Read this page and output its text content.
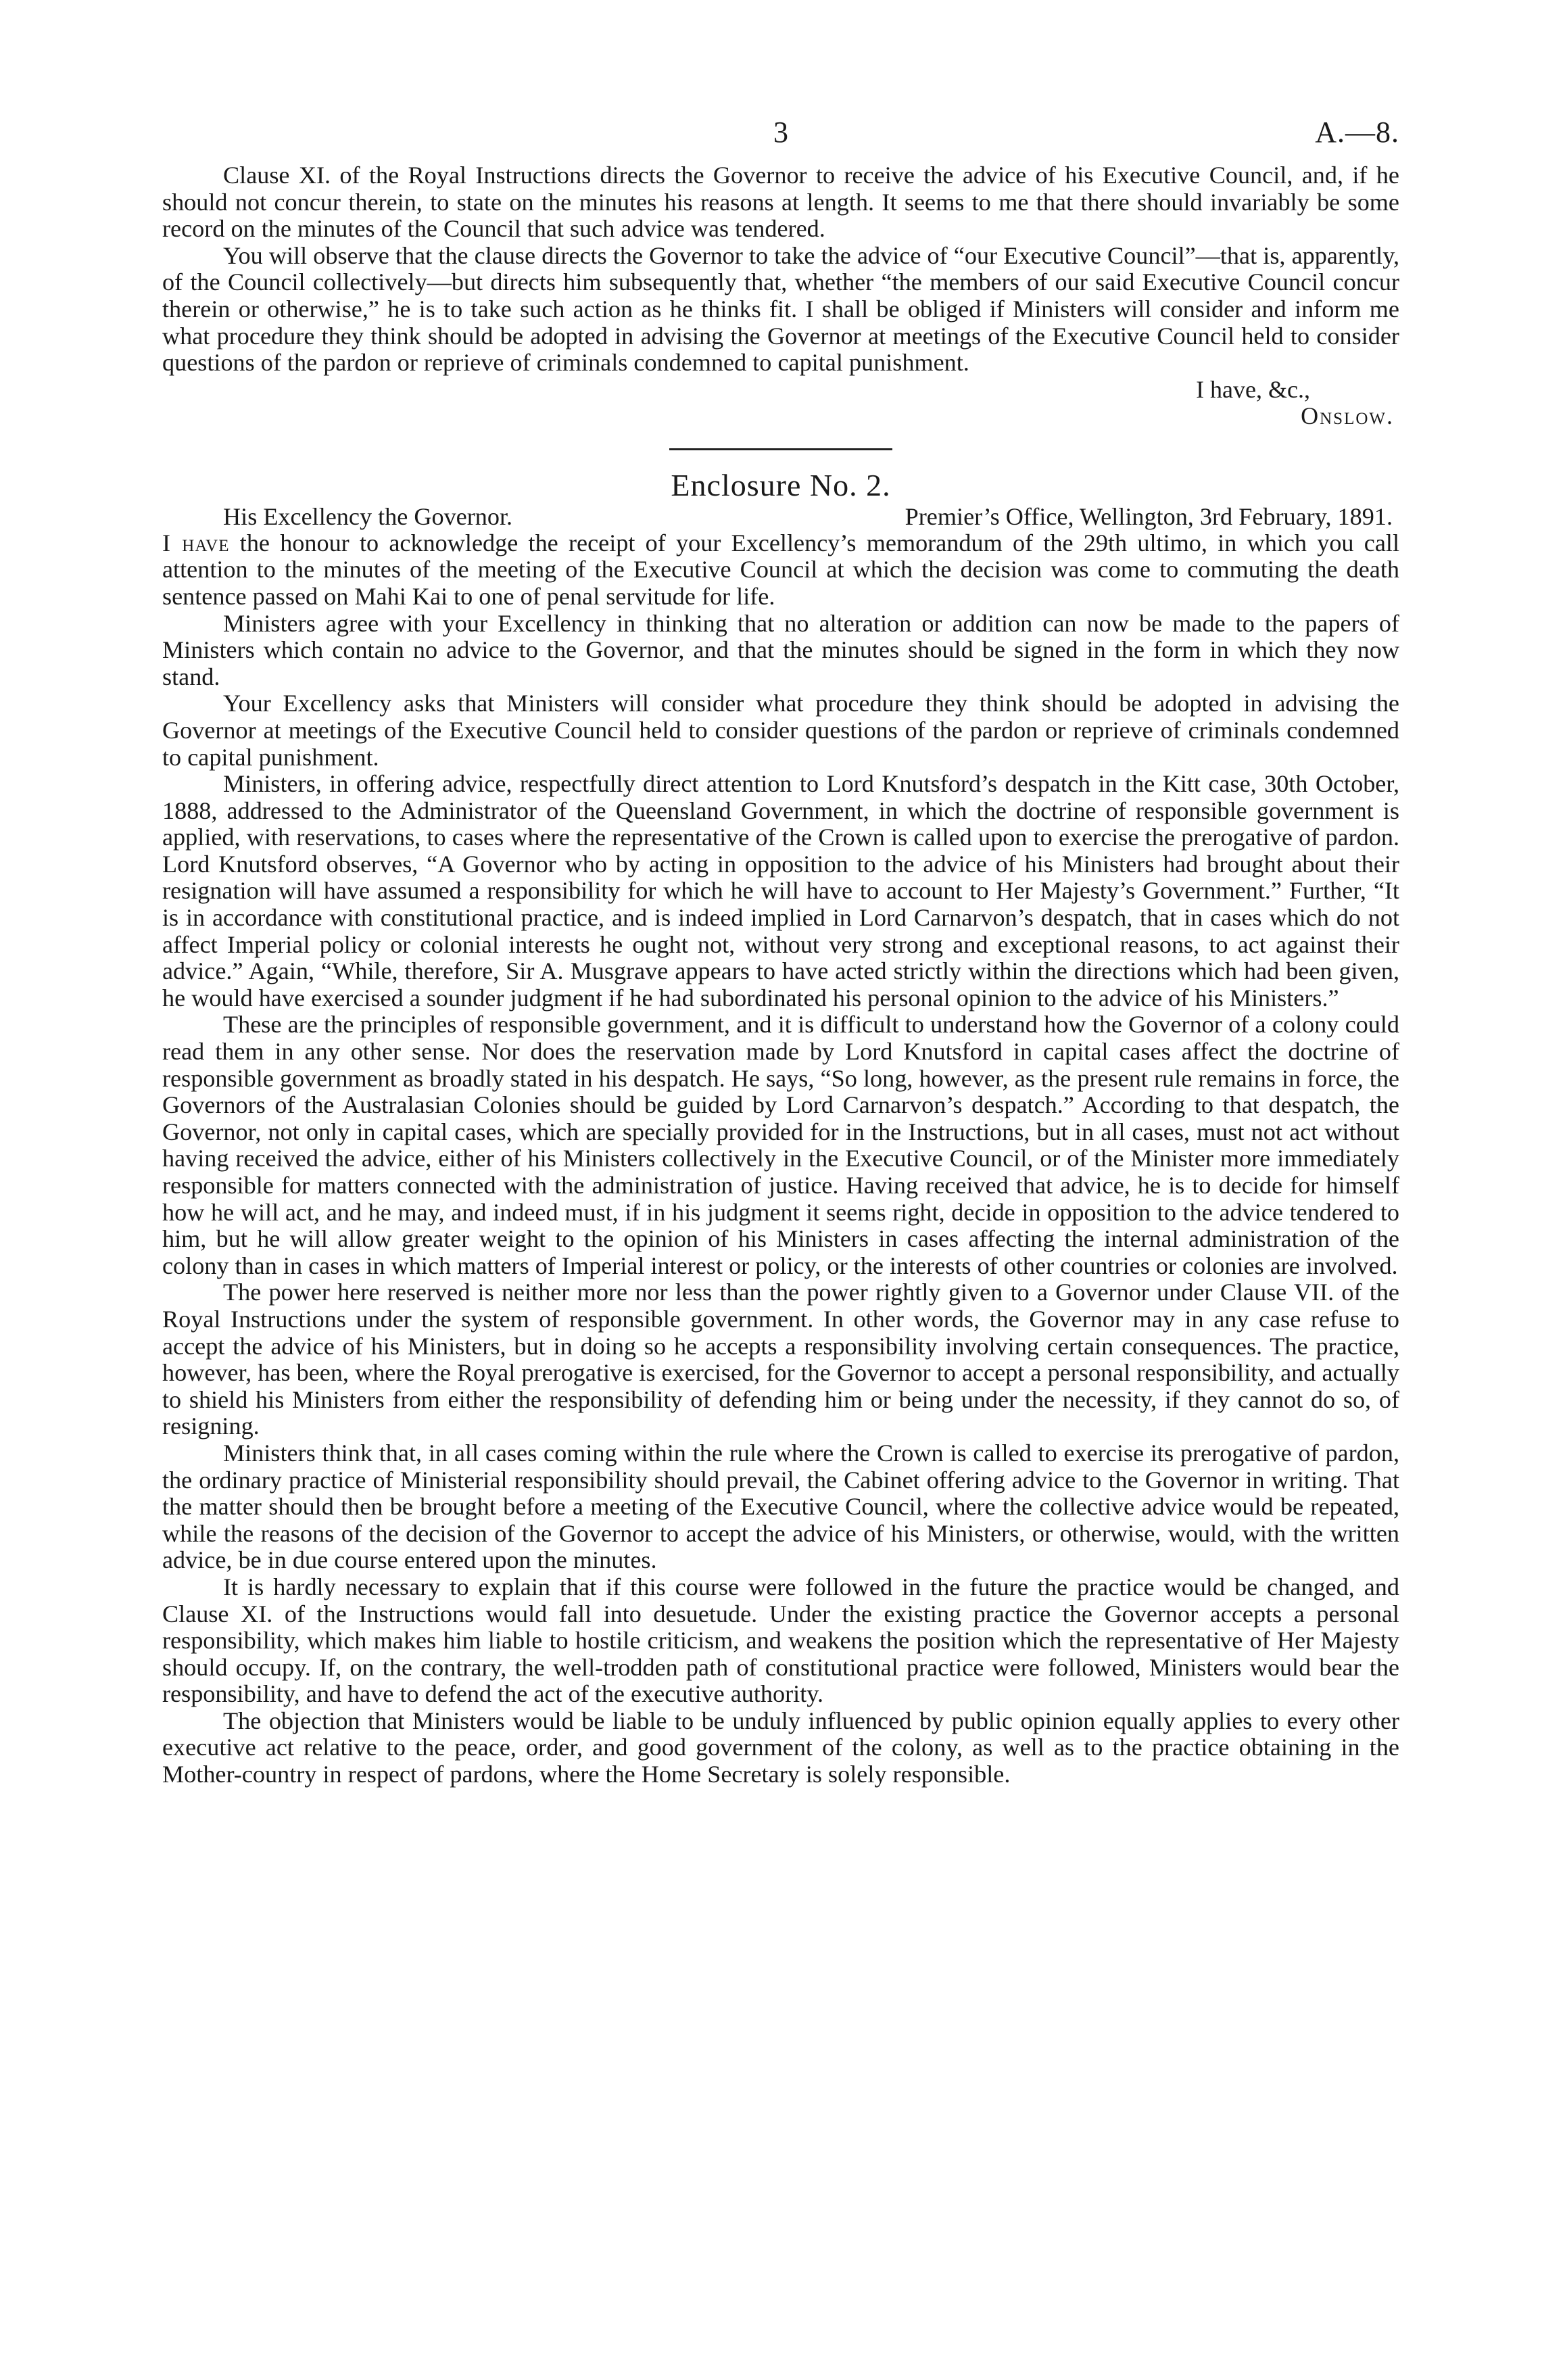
3	A.—8.

Clause XI. of the Royal Instructions directs the Governor to receive the advice of his Executive Council, and, if he should not concur therein, to state on the minutes his reasons at length. It seems to me that there should invariably be some record on the minutes of the Council that such advice was tendered.

You will observe that the clause directs the Governor to take the advice of “our Executive Council”—that is, apparently, of the Council collectively—but directs him subsequently that, whether “the members of our said Executive Council concur therein or otherwise,” he is to take such action as he thinks fit. I shall be obliged if Ministers will consider and inform me what procedure they think should be adopted in advising the Governor at meetings of the Executive Council held to consider questions of the pardon or reprieve of criminals condemned to capital punishment.

I have, &c.,
Onslow.
Enclosure No. 2.
His Excellency the Governor.	Premier’s Office, Wellington, 3rd February, 1891.

I have the honour to acknowledge the receipt of your Excellency’s memorandum of the 29th ultimo, in which you call attention to the minutes of the meeting of the Executive Council at which the decision was come to commuting the death sentence passed on Mahi Kai to one of penal servitude for life.

Ministers agree with your Excellency in thinking that no alteration or addition can now be made to the papers of Ministers which contain no advice to the Governor, and that the minutes should be signed in the form in which they now stand.

Your Excellency asks that Ministers will consider what procedure they think should be adopted in advising the Governor at meetings of the Executive Council held to consider questions of the pardon or reprieve of criminals condemned to capital punishment.

Ministers, in offering advice, respectfully direct attention to Lord Knutsford’s despatch in the Kitt case, 30th October, 1888, addressed to the Administrator of the Queensland Government, in which the doctrine of responsible government is applied, with reservations, to cases where the representative of the Crown is called upon to exercise the prerogative of pardon. Lord Knutsford observes, “A Governor who by acting in opposition to the advice of his Ministers had brought about their resignation will have assumed a responsibility for which he will have to account to Her Majesty’s Government.” Further, “It is in accordance with constitutional practice, and is indeed implied in Lord Carnarvon’s despatch, that in cases which do not affect Imperial policy or colonial interests he ought not, without very strong and exceptional reasons, to act against their advice.” Again, “While, therefore, Sir A. Musgrave appears to have acted strictly within the directions which had been given, he would have exercised a sounder judgment if he had subordinated his personal opinion to the advice of his Ministers.”

These are the principles of responsible government, and it is difficult to understand how the Governor of a colony could read them in any other sense. Nor does the reservation made by Lord Knutsford in capital cases affect the doctrine of responsible government as broadly stated in his despatch. He says, “So long, however, as the present rule remains in force, the Governors of the Australasian Colonies should be guided by Lord Carnarvon’s despatch.” According to that despatch, the Governor, not only in capital cases, which are specially provided for in the Instructions, but in all cases, must not act without having received the advice, either of his Ministers collectively in the Executive Council, or of the Minister more immediately responsible for matters connected with the administration of justice. Having received that advice, he is to decide for himself how he will act, and he may, and indeed must, if in his judgment it seems right, decide in opposition to the advice tendered to him, but he will allow greater weight to the opinion of his Ministers in cases affecting the internal administration of the colony than in cases in which matters of Imperial interest or policy, or the interests of other countries or colonies are involved.

The power here reserved is neither more nor less than the power rightly given to a Governor under Clause VII. of the Royal Instructions under the system of responsible government. In other words, the Governor may in any case refuse to accept the advice of his Ministers, but in doing so he accepts a responsibility involving certain consequences. The practice, however, has been, where the Royal prerogative is exercised, for the Governor to accept a personal responsibility, and actually to shield his Ministers from either the responsibility of defending him or being under the necessity, if they cannot do so, of resigning.

Ministers think that, in all cases coming within the rule where the Crown is called to exercise its prerogative of pardon, the ordinary practice of Ministerial responsibility should prevail, the Cabinet offering advice to the Governor in writing. That the matter should then be brought before a meeting of the Executive Council, where the collective advice would be repeated, while the reasons of the decision of the Governor to accept the advice of his Ministers, or otherwise, would, with the written advice, be in due course entered upon the minutes.

It is hardly necessary to explain that if this course were followed in the future the practice would be changed, and Clause XI. of the Instructions would fall into desuetude. Under the existing practice the Governor accepts a personal responsibility, which makes him liable to hostile criticism, and weakens the position which the representative of Her Majesty should occupy. If, on the contrary, the well-trodden path of constitutional practice were followed, Ministers would bear the responsibility, and have to defend the act of the executive authority.

The objection that Ministers would be liable to be unduly influenced by public opinion equally applies to every other executive act relative to the peace, order, and good government of the colony, as well as to the practice obtaining in the Mother-country in respect of pardons, where the Home Secretary is solely responsible.
